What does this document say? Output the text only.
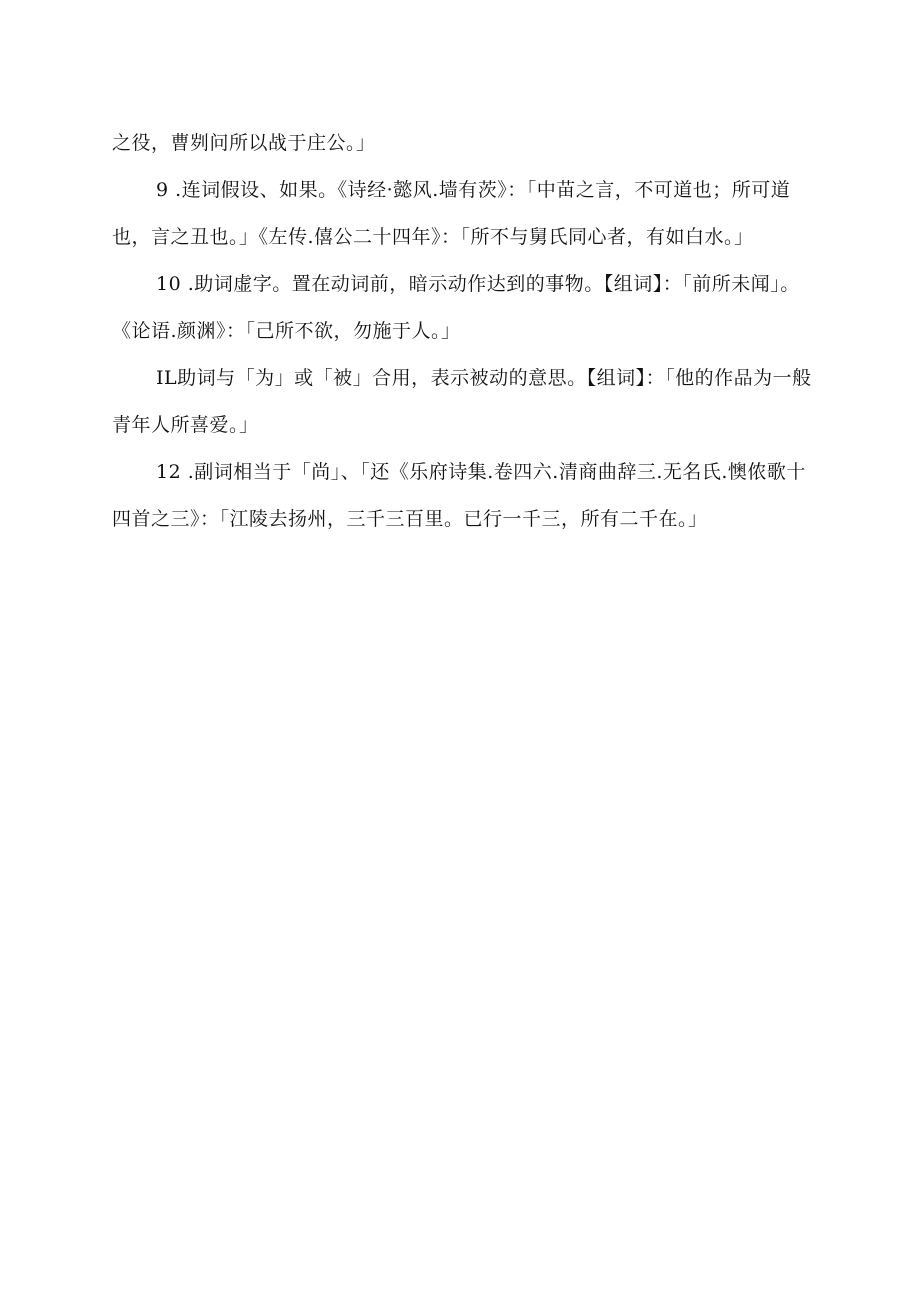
之役，曹刿问所以战于庄公。」

9 .连词假设、如果。《诗经·懿风.墙有茨》：「中苗之言，不可道也；所可道也，言之丑也。」《左传.僖公二十四年》：「所不与舅氏同心者，有如白水。」

10 .助词虚字。置在动词前，暗示动作达到的事物。【组词】：「前所未闻」。《论语.颜渊》：「己所不欲，勿施于人。」

IL助词与「为」或「被」合用，表示被动的意思。【组词】：「他的作品为一般青年人所喜爱。」

12 .副词相当于「尚」、「还《乐府诗集.卷四六.清商曲辞三.无名氏.懊侬歌十四首之三》：「江陵去扬州，三千三百里。已行一千三，所有二千在。」
